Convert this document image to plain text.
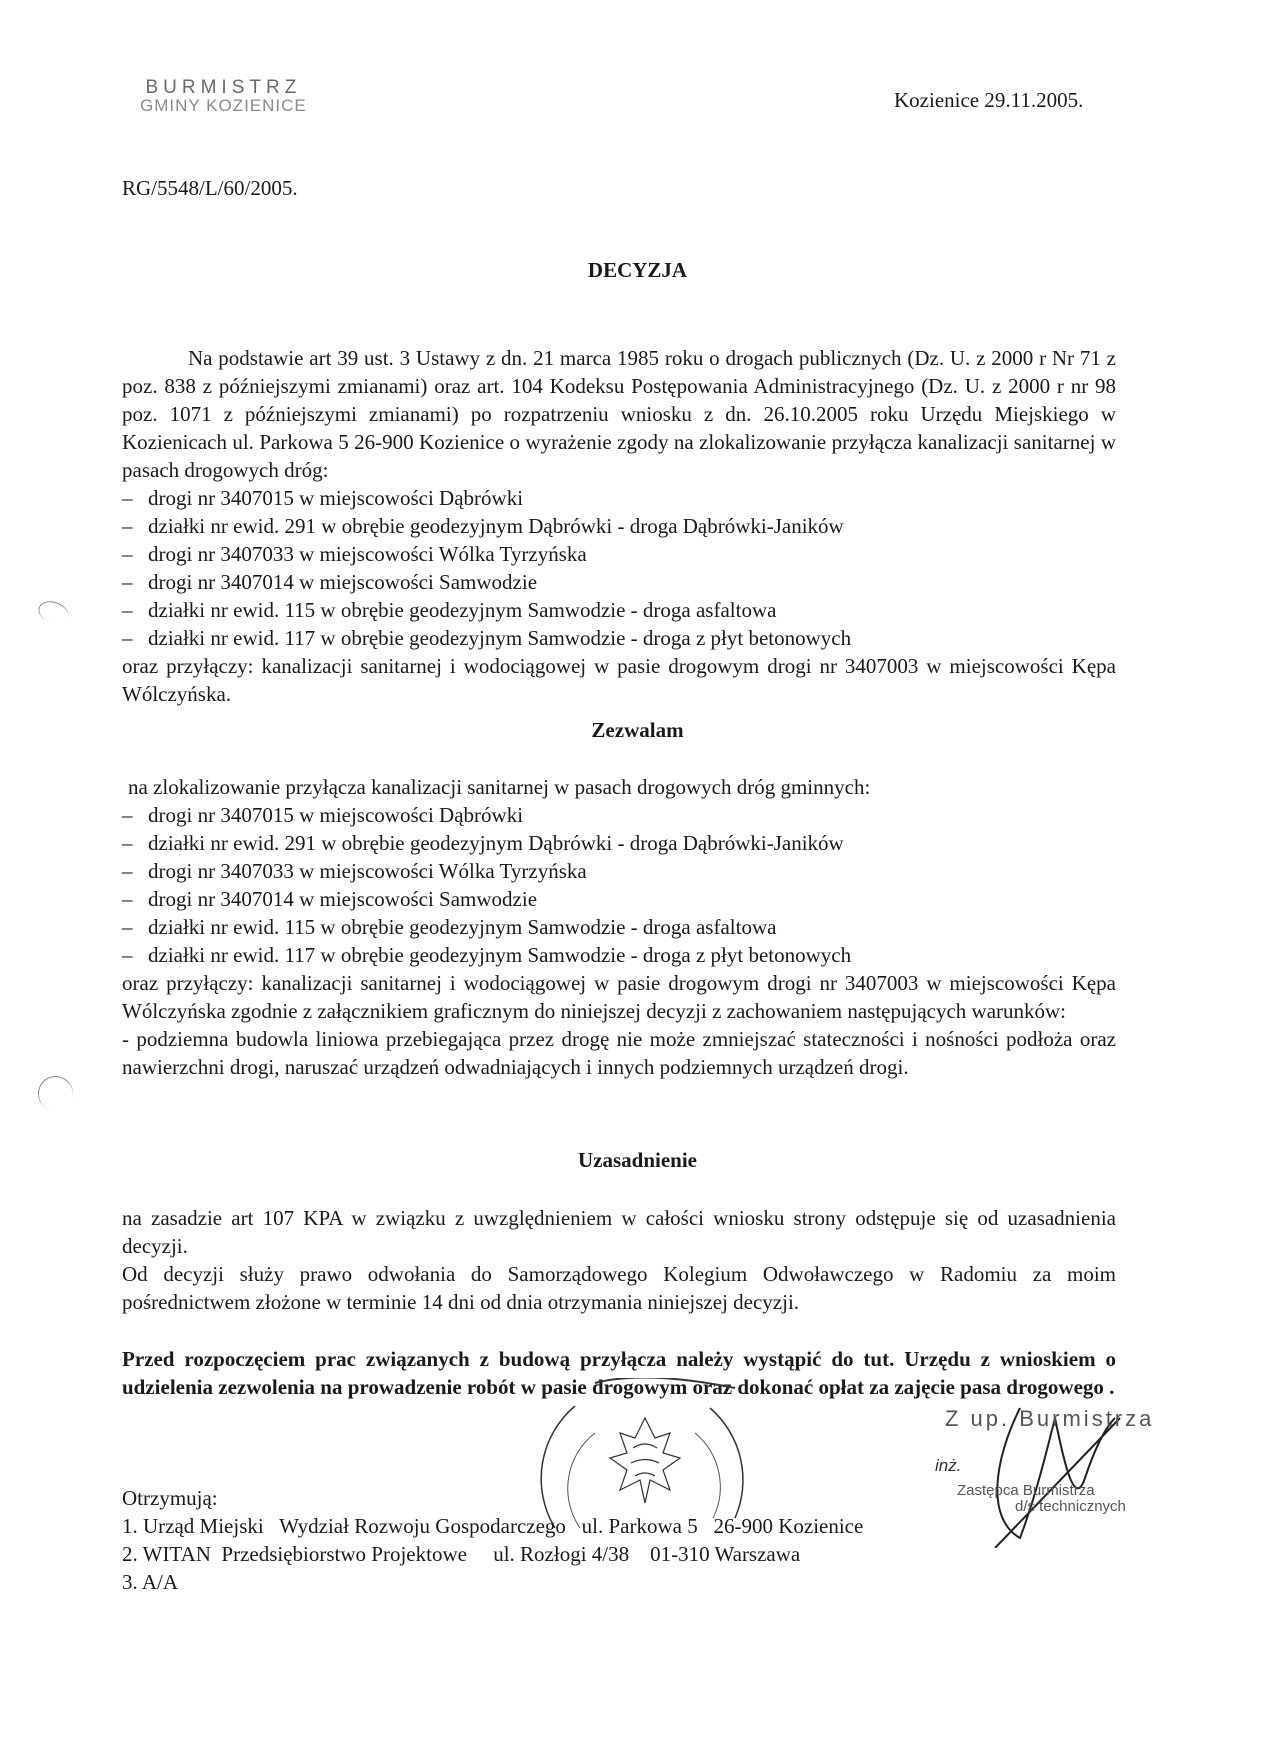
BURMISTRZ
GMINY KOZIENICE	Kozienice 29.11.2005.
RG/5548/L/60/2005.
DECYZJA
Na podstawie art 39 ust. 3 Ustawy z dn. 21 marca 1985 roku o drogach publicznych (Dz. U. z 2000 r Nr 71 z poz. 838 z późniejszymi zmianami) oraz art. 104 Kodeksu Postępowania Administracyjnego (Dz. U. z 2000 r nr 98 poz. 1071 z późniejszymi zmianami) po rozpatrzeniu wniosku z dn. 26.10.2005 roku Urzędu Miejskiego w Kozienicach ul. Parkowa 5 26-900 Kozienice o wyrażenie zgody na zlokalizowanie przyłącza kanalizacji sanitarnej w pasach drogowych dróg:
– drogi nr 3407015 w miejscowości Dąbrówki
– działki nr ewid. 291 w obrębie geodezyjnym Dąbrówki - droga Dąbrówki-Janików
– drogi nr 3407033 w miejscowości Wólka Tyrzyńska
– drogi nr 3407014 w miejscowości Samwodzie
– działki nr ewid. 115 w obrębie geodezyjnym Samwodzie - droga asfaltowa
– działki nr ewid. 117 w obrębie geodezyjnym Samwodzie - droga z płyt betonowych

oraz przyłączy: kanalizacji sanitarnej i wodociągowej w pasie drogowym drogi nr 3407003 w miejscowości Kępa Wólczyńska.

Zezwalam

na zlokalizowanie przyłącza kanalizacji sanitarnej w pasach drogowych dróg gminnych:

– drogi nr 3407015 w miejscowości Dąbrówki
– działki nr ewid. 291 w obrębie geodezyjnym Dąbrówki - droga Dąbrówki-Janików
– drogi nr 3407033 w miejscowości Wólka Tyrzyńska
– drogi nr 3407014 w miejscowości Samwodzie
– działki nr ewid. 115 w obrębie geodezyjnym Samwodzie - droga asfaltowa
– działki nr ewid. 117 w obrębie geodezyjnym Samwodzie - droga z płyt betonowych
oraz przyłączy: kanalizacji sanitarnej i wodociągowej w pasie drogowym drogi nr 3407003 w miejscowości Kępa Wólczyńska zgodnie z załącznikiem graficznym do niniejszej decyzji z zachowaniem następujących warunków:
- podziemna budowla liniowa przebiegająca przez drogę nie może zmniejszać stateczności i nośności podłoża oraz nawierzchni drogi, naruszać urządzeń odwadniających i innych podziemnych urządzeń drogi.
Uzasadnienie

na zasadzie art 107 KPA w związku z uwzględnieniem w całości wniosku strony odstępuje się od uzasadnienia decyzji.

Od decyzji służy prawo odwołania do Samorządowego Kolegium Odwoławczego w Radomiu za moim pośrednictwem złożone w terminie 14 dni od dnia otrzymania niniejszej decyzji.

Przed rozpoczęciem prac związanych z budową przyłącza należy wystąpić do tut. Urzędu z wnioskiem o udzielenia zezwolenia na prowadzenie robót w pasie drogowym oraz dokonać opłat za zajęcie pasa drogowego .

Z up. Burmistrza
inż.
Zastępca Burmistrza
d/s technicznych
Otrzymują:
1. Urząd Miejski   Wydział Rozwoju Gospodarczego   ul. Parkowa 5   26-900 Kozienice
2. WITAN  Przedsiębiorstwo Projektowe     ul. Rozłogi 4/38    01-310 Warszawa
3. A/A
